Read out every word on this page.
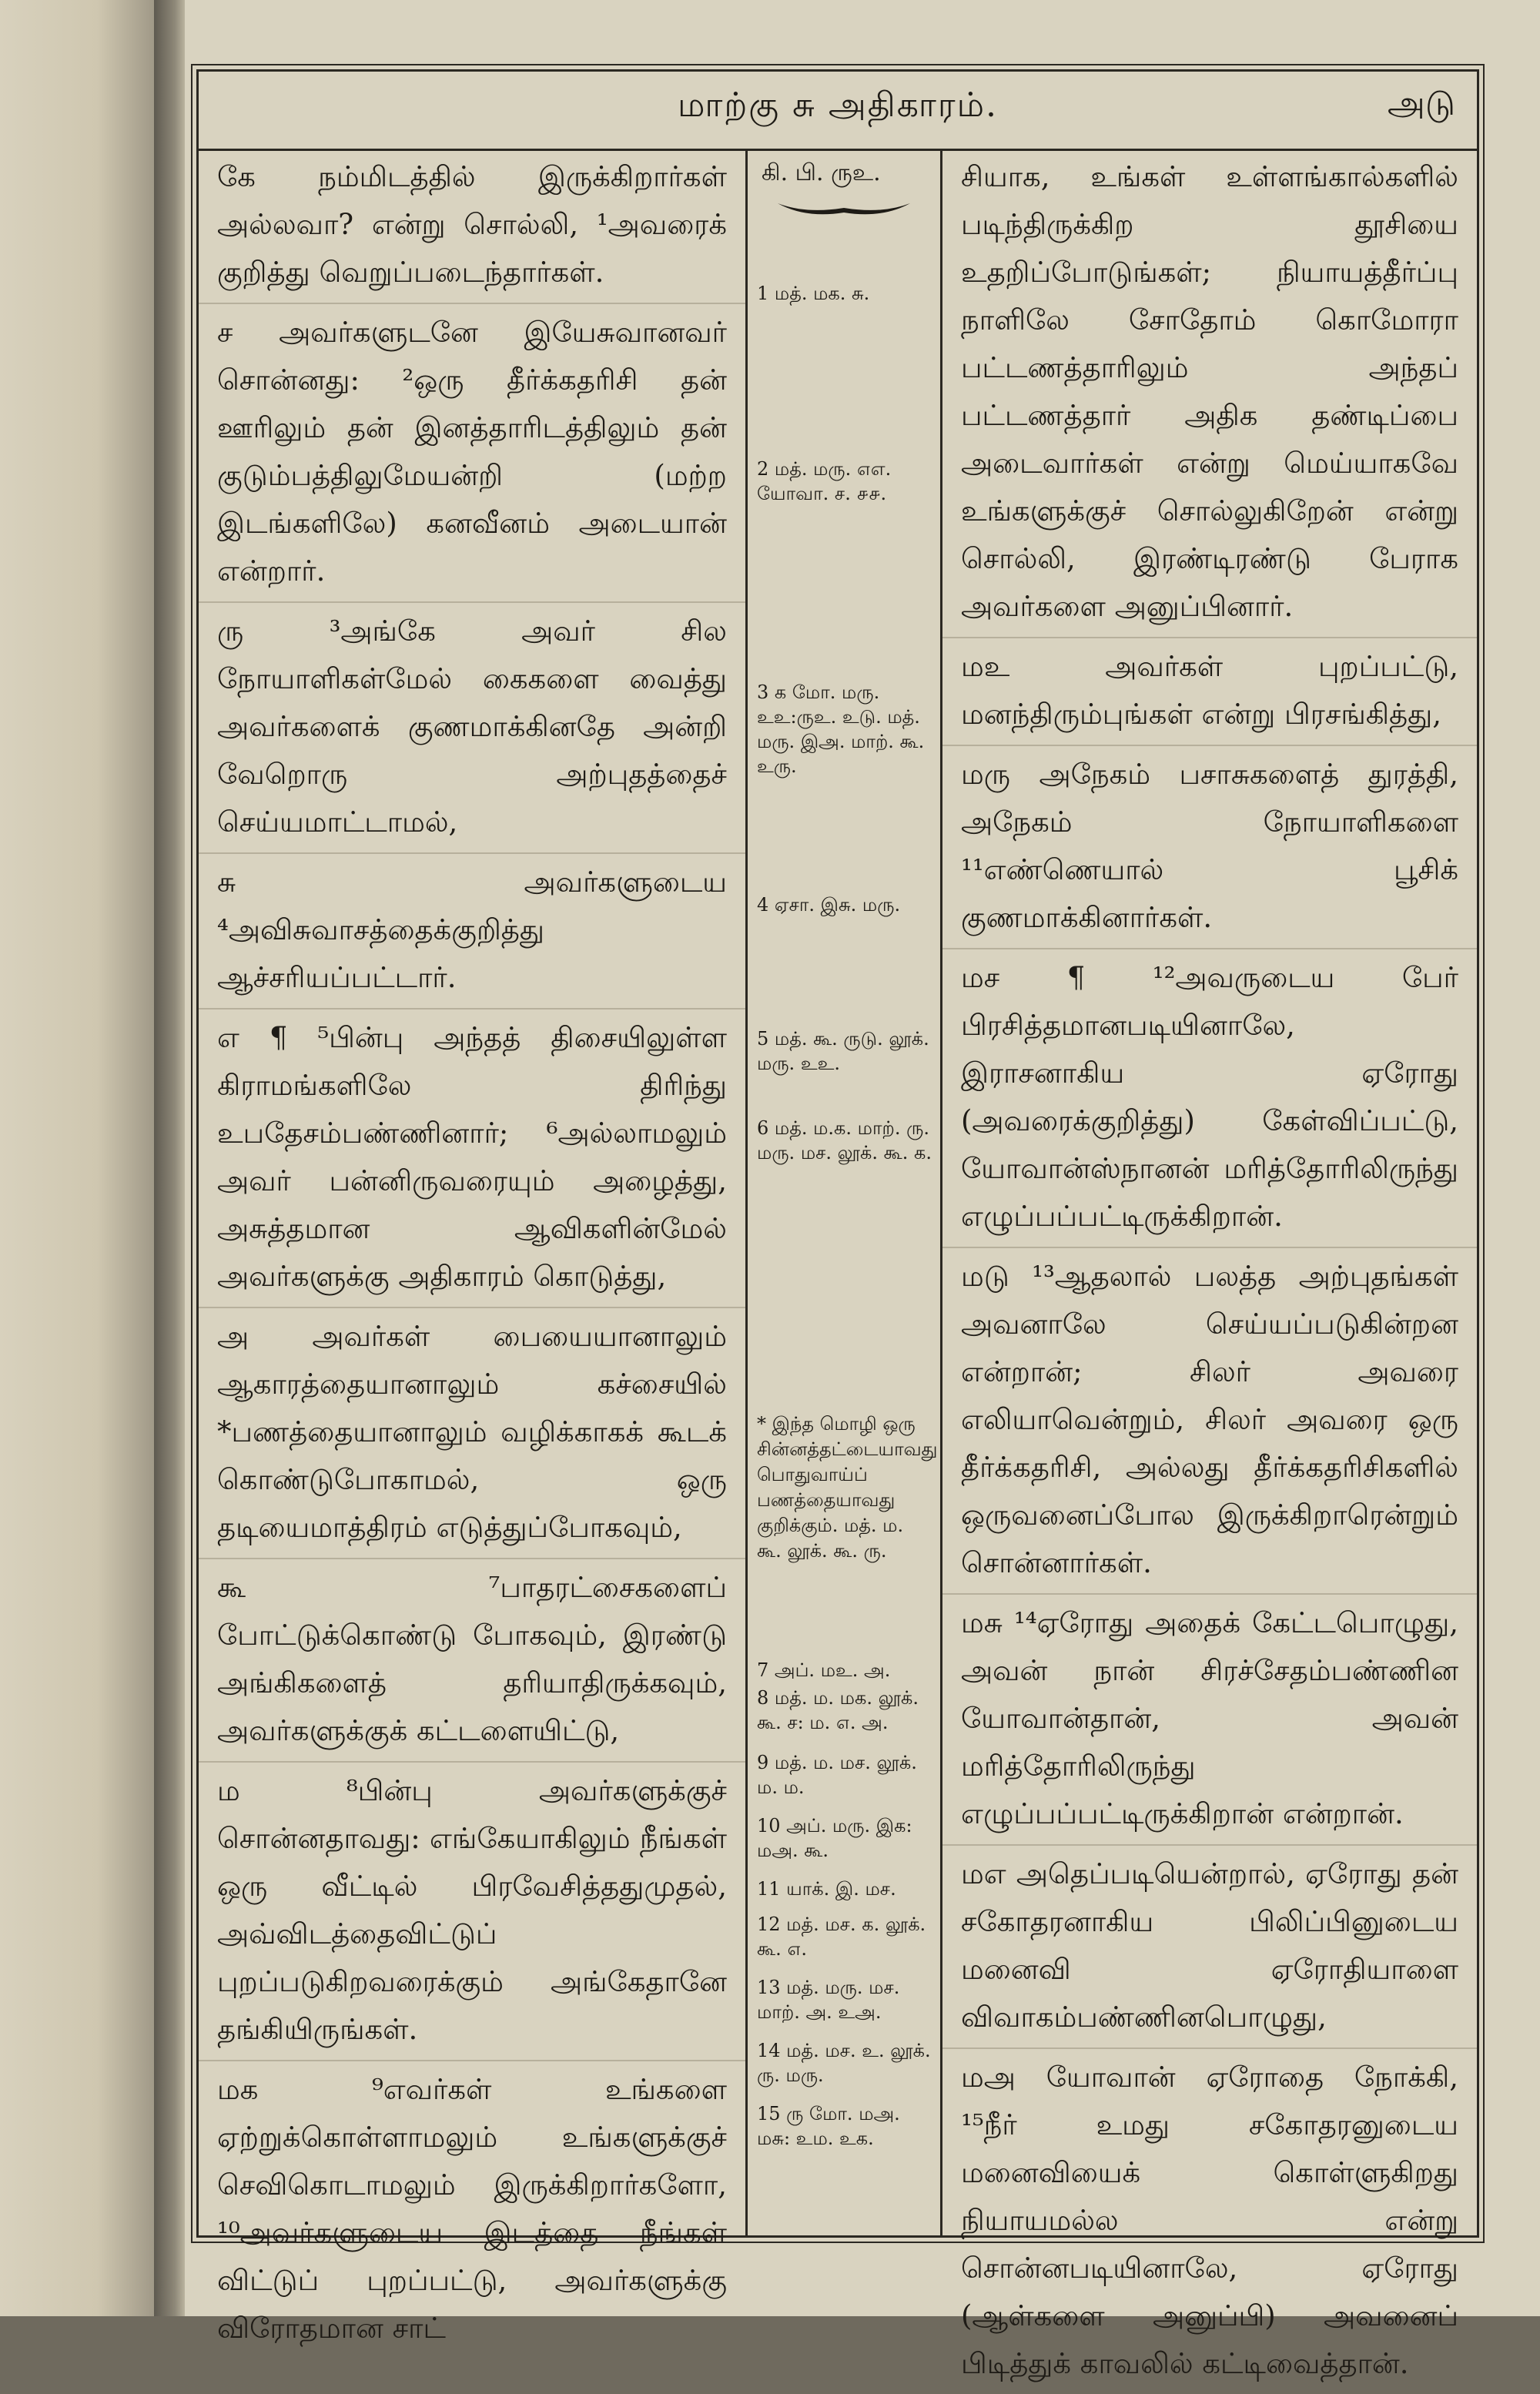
​
மாற்கு சு அதிகாரம்.	அடு

கே நம்மிடத்தில் இருக்கிறார்கள் அல்லவா? என்று சொல்லி, ¹அவரைக் குறித்து வெறுப்படைந்தார்கள்.

ச அவர்களுடனே இயேசுவானவர் சொன்னது: ²ஒரு தீர்க்கதரிசி தன் ஊரிலும் தன் இனத்தாரிடத்திலும் தன் குடும்பத்திலுமேயன்றி (மற்ற இடங்களிலே) கனவீனம் அடையான் என்றார்.

ரு ³அங்கே அவர் சில நோயாளிகள்மேல் கைகளை வைத்து அவர்களைக் குணமாக்கினதே அன்றி வேறொரு அற்புதத்தைச் செய்யமாட்டாமல்,

சு அவர்களுடைய ⁴அவிசுவாசத்தைக்குறித்து ஆச்சரியப்பட்டார்.

எ ¶ ⁵பின்பு அந்தத் திசையிலுள்ள கிராமங்களிலே திரிந்து உபதேசம்பண்ணினார்; ⁶அல்லாமலும் அவர் பன்னிருவரையும் அழைத்து, அசுத்தமான ஆவிகளின்மேல் அவர்களுக்கு அதிகாரம் கொடுத்து,

அ அவர்கள் பையையானாலும் ஆகாரத்தையானாலும் கச்சையில் *பணத்தையானாலும் வழிக்காகக் கூடக் கொண்டுபோகாமல், ஒரு தடியைமாத்திரம் எடுத்துப்போகவும்,

கூ ⁷பாதரட்சைகளைப் போட்டுக்கொண்டு போகவும், இரண்டு அங்கிகளைத் தரியாதிருக்கவும், அவர்களுக்குக் கட்டளையிட்டு,

ம ⁸பின்பு அவர்களுக்குச் சொன்னதாவது: எங்கேயாகிலும் நீங்கள் ஒரு வீட்டில் பிரவேசித்ததுமுதல், அவ்விடத்தைவிட்டுப் புறப்படுகிறவரைக்கும் அங்கேதானே தங்கியிருங்கள்.

மக ⁹எவர்கள் உங்களை ஏற்றுக்கொள்ளாமலும் உங்களுக்குச் செவிகொடாமலும் இருக்கிறார்களோ, ¹⁰அவர்களுடைய இடத்தை நீங்கள் விட்டுப் புறப்பட்டு, அவர்களுக்கு விரோதமான சாட்

கி. பி. ருஉ.
1 மத். மக. சு.
2 மத். மரு. ௭எ. யோவா. ச. ௪௪.
3 க மோ. மரு. உஉ:ருஉ. உடு. மத். மரு. இஅ. மாற். கூ. உரு.
4 ஏசா. இசு. மரு.
5 மத். கூ. ருடு. லூக். மரு. உஉ.
6 மத். ம.க. மாற். ரு. மரு. மச. லூக். கூ. க.
* இந்த மொழி ஒரு சின்னத்தட்டையாவது பொதுவாய்ப் பணத்தையாவது குறிக்கும். மத். ம. கூ. லூக். கூ. ரு.
7 அப். மஉ. அ.
8 மத். ம. மக. லூக். கூ. ச: ம. ௭. அ.
9 மத். ம. மச. லூக். ம. ம.
10 அப். மரு. இக: மஅ. கூ.
11 யாக். இ. மச.
12 மத். மச. க. லூக். கூ. ௭.
13 மத். மரு. மச. மாற். அ. உஅ.
14 மத். மச. உ. லூக். ரு. மரு.
15 ரு மோ. மஅ. மசு: உம. உக.

சியாக, உங்கள் உள்ளங்கால்களில் படிந்திருக்கிற தூசியை உதறிப்போடுங்கள்; நியாயத்தீர்ப்பு நாளிலே சோதோம் கொமோரா பட்டணத்தாரிலும் அந்தப் பட்டணத்தார் அதிக தண்டிப்பை அடைவார்கள் என்று மெய்யாகவே உங்களுக்குச் சொல்லுகிறேன் என்று சொல்லி, இரண்டிரண்டு பேராக அவர்களை அனுப்பினார்.

மஉ அவர்கள் புறப்பட்டு, மனந்திரும்புங்கள் என்று பிரசங்கித்து,

மரு அநேகம் பசாசுகளைத் துரத்தி, அநேகம் நோயாளிகளை ¹¹எண்ணெயால் பூசிக் குணமாக்கினார்கள்.

மச ¶ ¹²அவருடைய பேர் பிரசித்தமானபடியினாலே, இராசனாகிய ஏரோது (அவரைக்குறித்து) கேள்விப்பட்டு, யோவான்ஸ்நானன் மரித்தோரிலிருந்து எழுப்பப்பட்டிருக்கிறான்.

மடு ¹³ஆதலால் பலத்த அற்புதங்கள் அவனாலே செய்யப்படுகின்றன என்றான்; சிலர் அவரை எலியாவென்றும், சிலர் அவரை ஒரு தீர்க்கதரிசி, அல்லது தீர்க்கதரிசிகளில் ஒருவனைப்போல இருக்கிறாரென்றும் சொன்னார்கள்.

மசு ¹⁴ஏரோது அதைக் கேட்டபொழுது, அவன் நான் சிரச்சேதம்பண்ணின யோவான்தான், அவன் மரித்தோரிலிருந்து எழுப்பப்பட்டிருக்கிறான் என்றான்.

மஎ அதெப்படியென்றால், ஏரோது தன் சகோதரனாகிய பிலிப்பினுடைய மனைவி ஏரோதியாளை விவாகம்பண்ணினபொழுது,

மஅ யோவான் ஏரோதை நோக்கி, ¹⁵நீர் உமது சகோதரனுடைய மனைவியைக் கொள்ளுகிறது நியாயமல்ல என்று சொன்னபடியினாலே, ஏரோது (ஆள்களை அனுப்பி) அவனைப் பிடித்துக் காவலில் கட்டிவைத்தான்.
